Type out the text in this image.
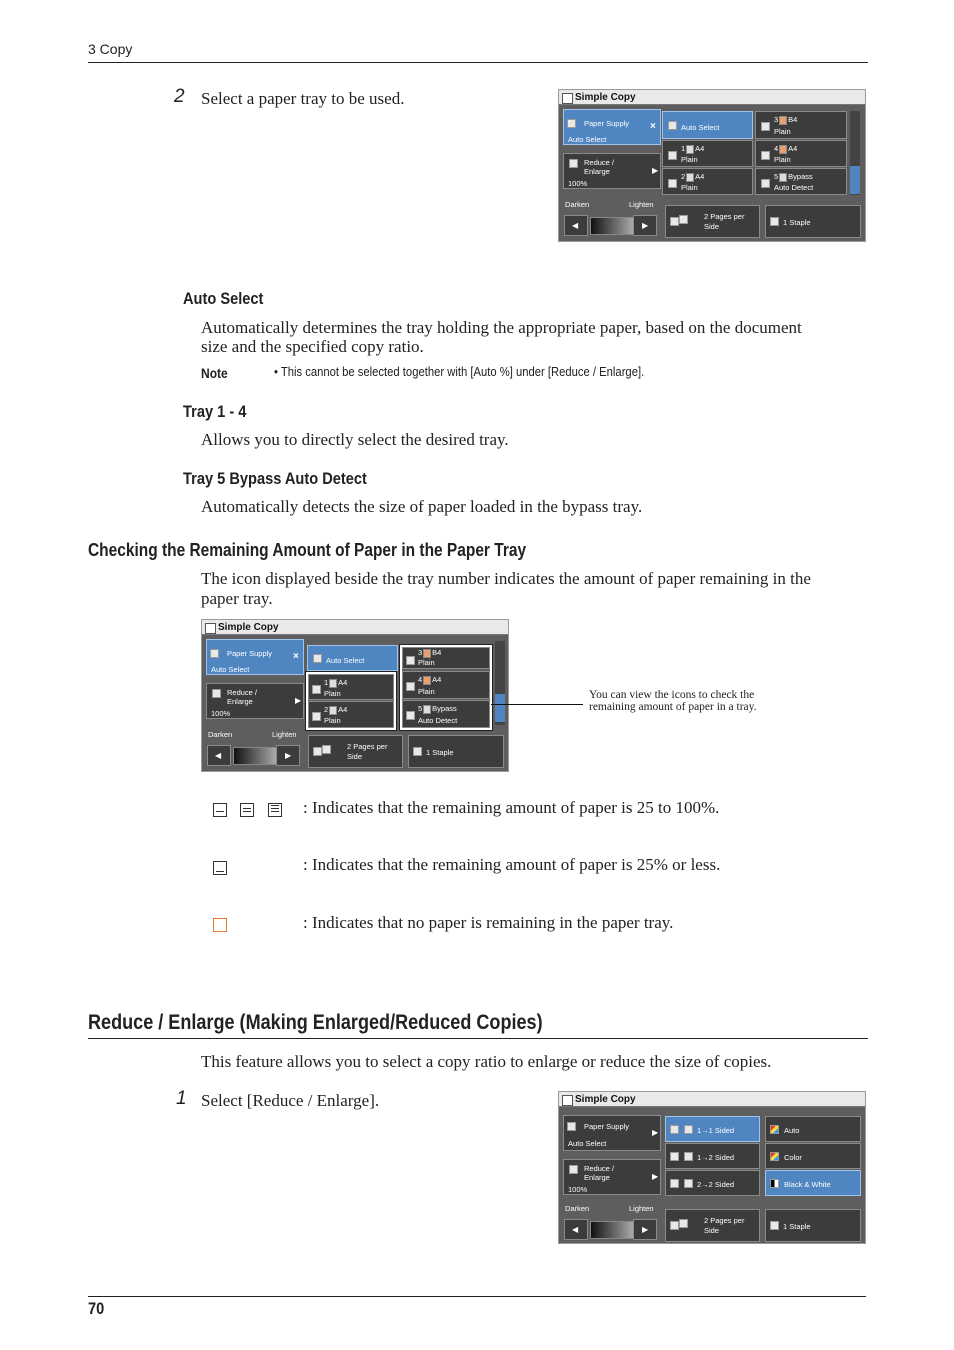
3 Copy
2 Select a paper tray to be used.	Simple Copy
Paper Supply
Auto Select
×
Reduce /
Enlarge
100%
▶
Darken	Lighten
◀	▶
Auto Select
1 A4
Plain
2 A4
Plain
3 B4
Plain
4 A4
Plain
5 Bypass
Auto Detect
2 Pages per
Side	1 Staple
Auto Select
Automatically determines the tray holding the appropriate paper, based on the document
size and the specified copy ratio.
Note	• This cannot be selected together with [Auto %] under [Reduce / Enlarge].
Tray 1 - 4
Allows you to directly select the desired tray.
Tray 5 Bypass Auto Detect
Automatically detects the size of paper loaded in the bypass tray.
Checking the Remaining Amount of Paper in the Paper Tray
The icon displayed beside the tray number indicates the amount of paper remaining in the
paper tray.
Simple Copy
Paper Supply
Auto Select
×
Reduce /
Enlarge
100%
▶
Darken	Lighten
◀	▶
Auto Select
1 A4
Plain
2 A4
Plain
3 B4
Plain
4 A4
Plain
5 Bypass
Auto Detect
2 Pages per
Side	1 Staple
You can view the icons to check the
remaining amount of paper in a tray.
: Indicates that the remaining amount of paper is 25 to 100%.
: Indicates that the remaining amount of paper is 25% or less.
: Indicates that no paper is remaining in the paper tray.
Reduce / Enlarge (Making Enlarged/Reduced Copies)
This feature allows you to select a copy ratio to enlarge or reduce the size of copies.
1 Select [Reduce / Enlarge].	Simple Copy
Paper Supply
Auto Select
▶
Reduce /
Enlarge
100%
▶
Darken	Lighten
◀	▶
1→1 Sided
1→2 Sided
2→2 Sided
Auto
Color
Black & White
2 Pages per
Side	1 Staple
70
